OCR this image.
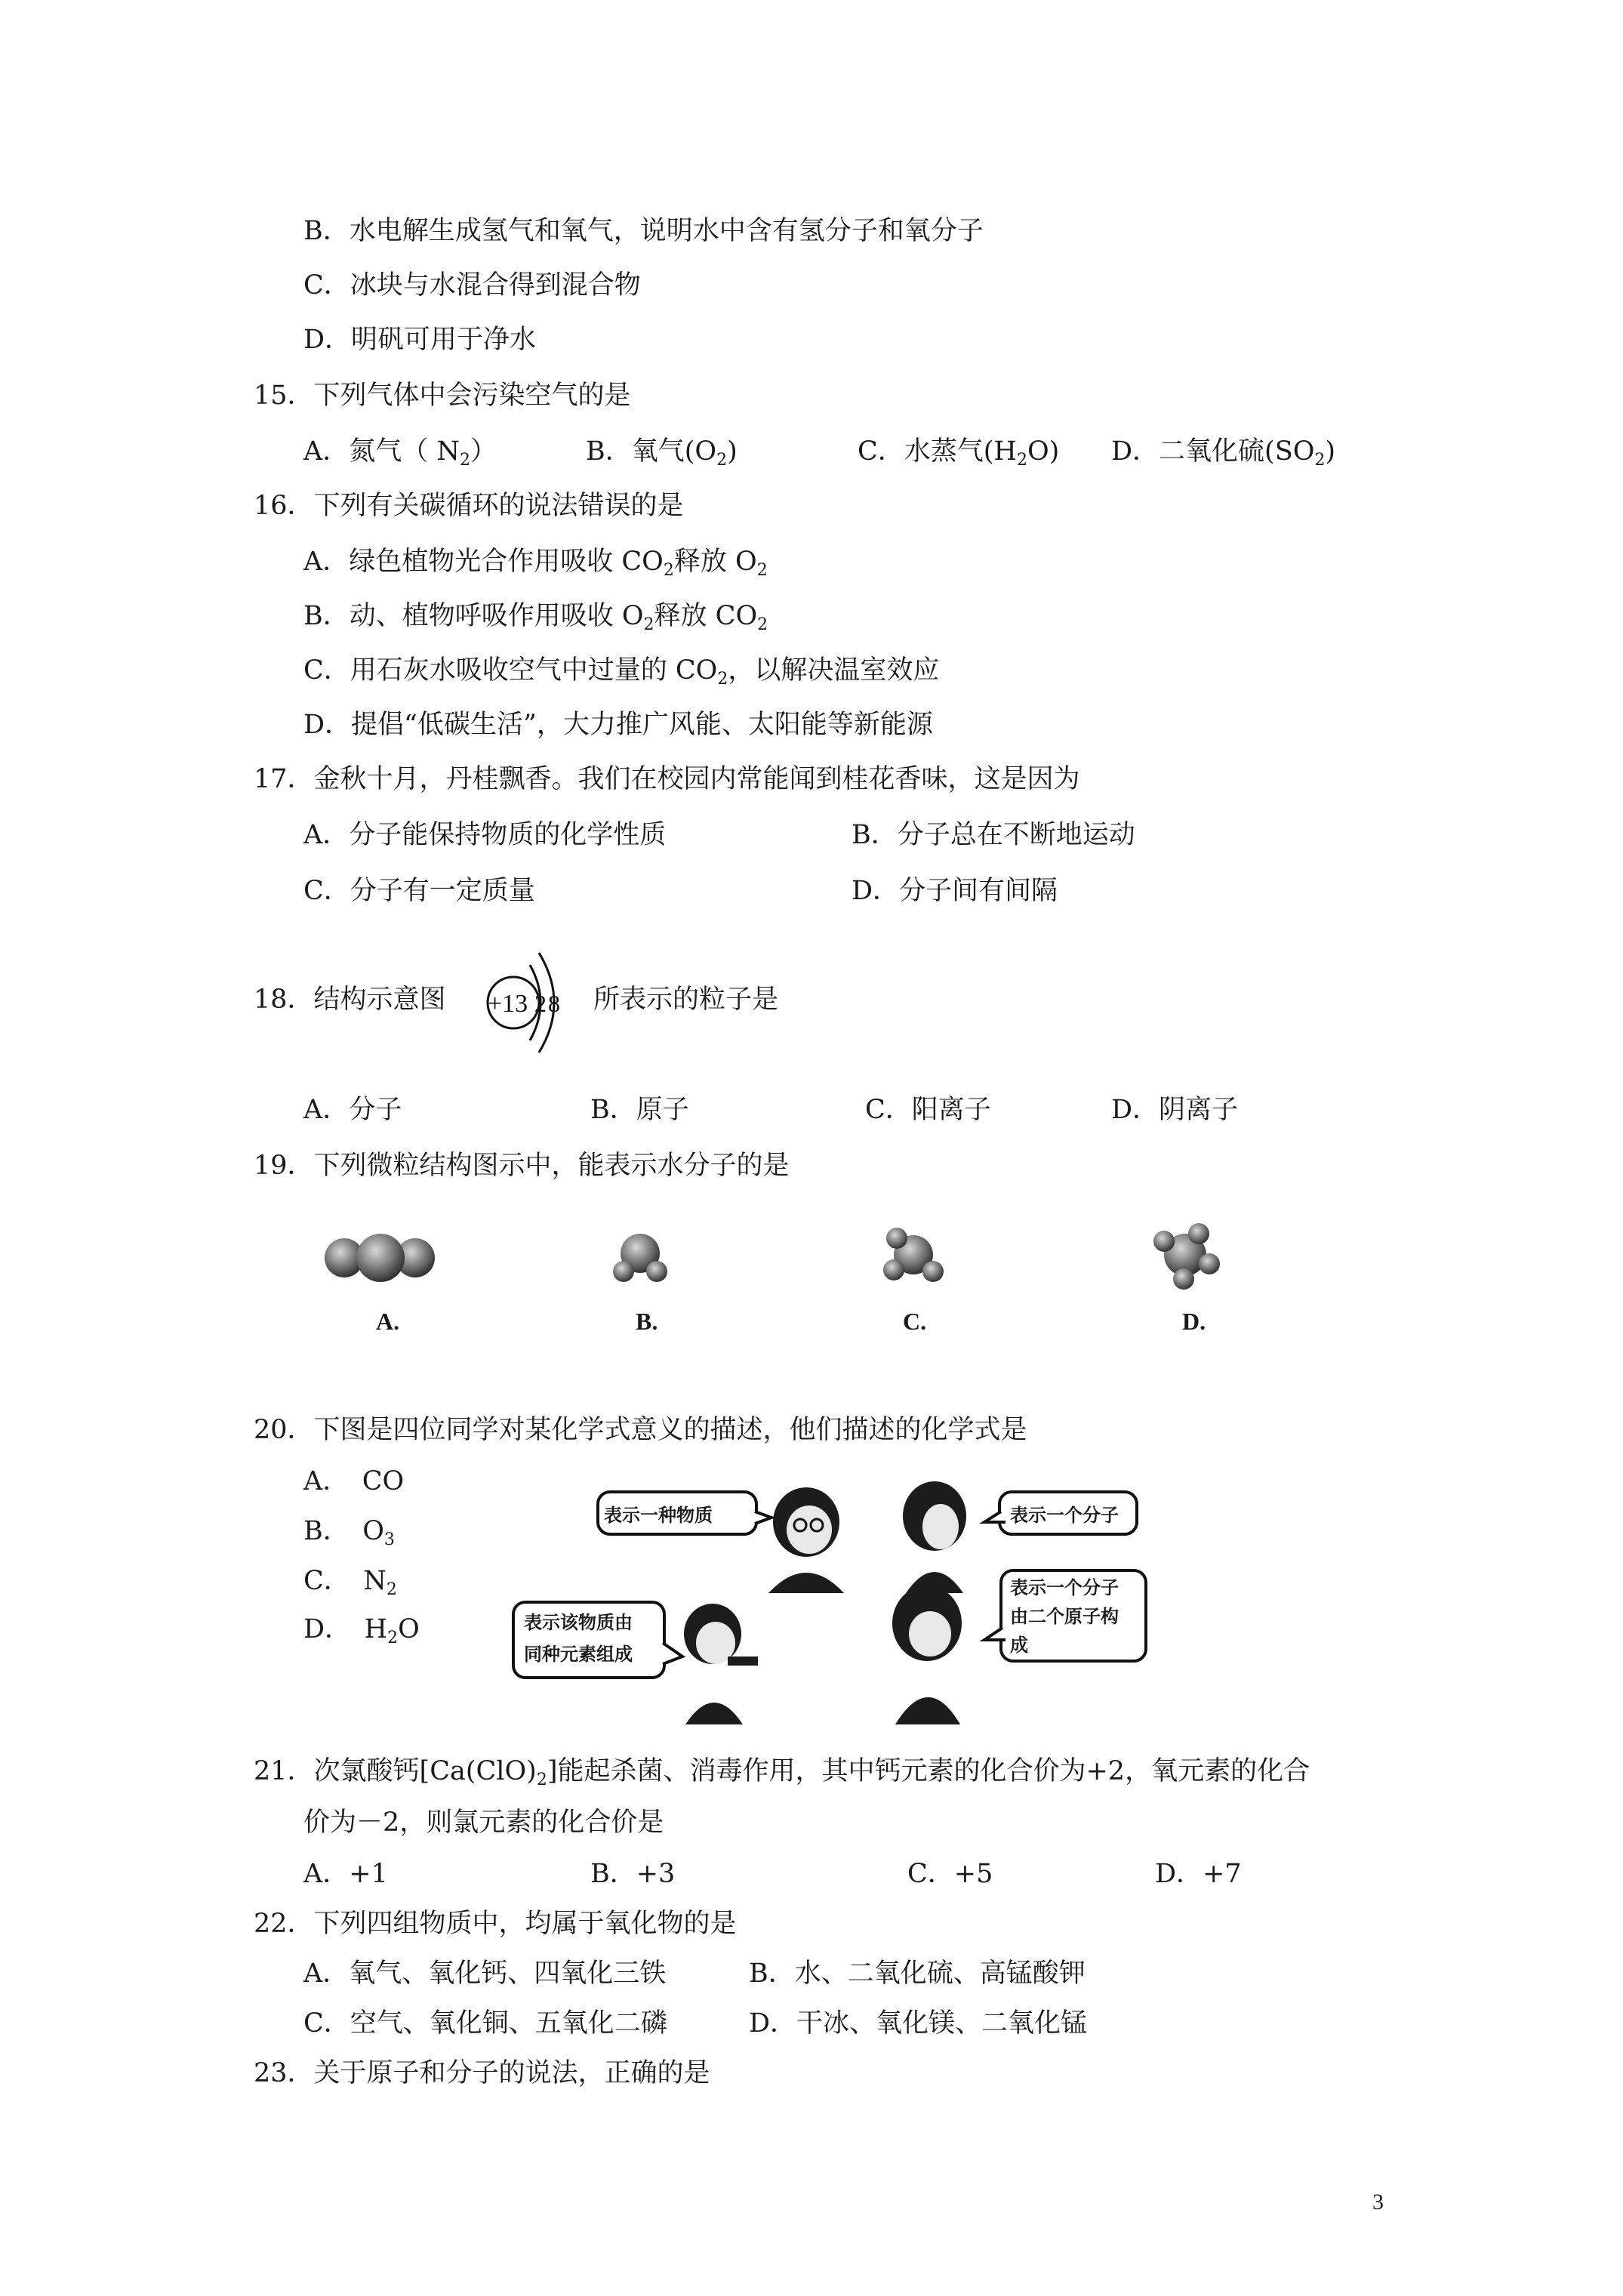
B．水电解生成氢气和氧气，说明水中含有氢分子和氧分子
C．冰块与水混合得到混合物
D．明矾可用于净水
15．下列气体中会污染空气的是
A．氮气（ $N_2$）	B．氧气$(O_2)$	C．水蒸气$(H_2O)$ D．二氧化硫$(SO_2)$
16．下列有关碳循环的说法错误的是
A．绿色植物光合作用吸收 $CO_2$释放 $O_2$
B．动、植物呼吸作用吸收 $O_2$释放 $CO_2$
C．用石灰水吸收空气中过量的 $CO_2$，以解决温室效应
D．提倡“低碳生活”，大力推广风能、太阳能等新能源
17．金秋十月，丹桂飘香。我们在校园内常能闻到桂花香味，这是因为
A．分子能保持物质的化学性质	B．分子总在不断地运动
C．分子有一定质量	D．分子间有间隔
18．结构示意图 +13 2 8 所表示的粒子是
A．分子	B．原子	C．阳离子	D．阴离子
19．下列微粒结构图示中，能表示水分子的是
A.	B.	C.	D.
20．下图是四位同学对某化学式意义的描述，他们描述的化学式是
A．　CO
B．　$O_3$
C．　$N_2$
D．　$H_2O$
表示一种物质	表示一个分子
表示该物质由
同种元素组成
表示一个分子
由二个原子构
成
21．次氯酸钙$[Ca(ClO)_2]$能起杀菌、消毒作用，其中钙元素的化合价为+2，氧元素的化合
价为－2，则氯元素的化合价是
A．+1	B．+3	C．+5	D．+7
22．下列四组物质中，均属于氧化物的是
A．氧气、氧化钙、四氧化三铁	B．水、二氧化硫、高锰酸钾
C．空气、氧化铜、五氧化二磷	D．干冰、氧化镁、二氧化锰
23．关于原子和分子的说法，正确的是
3
